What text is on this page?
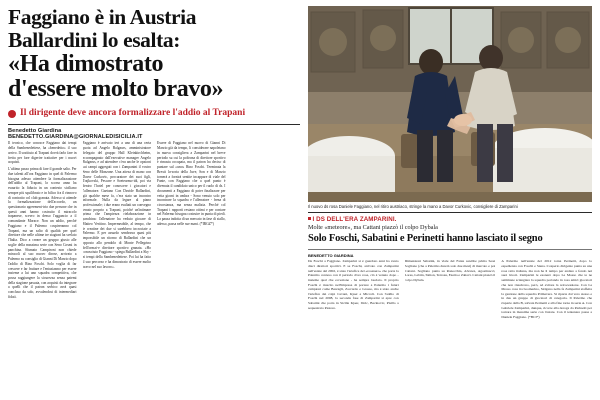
Faggiano è in Austria
Ballardini lo esalta:
«Ha dimostrato
d'essere molto bravo»
Il dirigente deve ancora formalizzare l'addio al Trapani
Benedetto Giardina
BENEDETTO.GIARDINA@GIORNALEDISICILIA.IT

Il tecnico, che conosce Faggiano dai tempi della Sambenedettese, ha «benedetto» il suo arrivo. Il sostituto al Trapani dovrà farlo fare in fretta per fare digerire trattative per i nuovi acquisti.

L'ultimo passo prima di fare il grande salto. Per due talenti all'ora Faggiano in quel di Palermo bisogna adesso attendere la formalizzazione dell'addio al Trapani, lo scorso anno ha esaurito la fiducia in un contesto siciliano sempre più squilibrato e in bilico fra il rinnovo di contratto col club granata. Adesso si attende la formalizzazione dell'accordo, un questionario agreement-trio due persone che in questi anni hanno costruito il miracolo trapanese, scevro in denso l'aggancio a il comandante Morace. Non un addio, perché Faggiano e il Palermo cospireranno col Trapani, ma un salto di qualità per quel direttore che nelle ultime tre stagioni ha svelato l'Italia. Dico a creare un gruppo giusto alle soglie della massima serie con Seno Cosmi in panchina. Sfumato Campironi non chiede miracoli al suo nuovo dirose, arrivato a Palermo su consiglio di Gianni Di Marzio dopo l'addio di Rino Foschi. Solo voglia di far crescere e far fruttare e l'entusiasmo per essere insieme a lui uno squadra competitiva, che possa raggiungere la sicurezza senza patemi della stagione passata, con acquisti da integrare a quelli che il patron serbico avrà quasi concluso da solo, avvalendosi di intermediari fidati.

Faggiano è arrivato ieri a uno di una certa quota ad Angelo Balgaurs, amministratore delegato del gruppo Hall Kleinkirchheim, accompagnato dall'executive manager Angelo Bulgarus, e ad attendere c'era anche le opzioni sui campi aggregati con i Zampanini il vostro Seno delle Monzone. Una attesa di mano con Davor Curkovic, procuratore dei suoi figli, Trajkovski, Pescare e Soetearmo-idi, poi via dentro l'hotel per conoscere i giocatori e l'allenatore. Gaetano Con Davide Ballardini, già qualche mese fa, c'era stato un incontro informale. Nulla da legare al piano professionale; i due erano esultati un convegno tenuto proprio a Trapani, poiché un'intimare prima che l'ampiezza rielaborazione in panchina: l'allenatore ha veduto giocare di Matteo Veritino. Impermeabile, al tempo, che le creatine dei due si sarebbero incrociate a Palermo. E per assurdo sembrava quasi più impossibile un ritorno di Ballardini che un opposto allo pendolo di Monte Pellegrino dell'ormai-e direttore sportivo granata. «Ho conosciuto Faggiano - spiega Ballardini a Sky - ai tempi della Sambenedettese. Poi lui ha fatto il suo percorso e ha dimostrato di essere molto bravo nel suo lavoro».

Essere di Faggiano nel nuovo di Gianni Di Marzio già da tempo, li considerare napoletano in nuova consigliera a Zamparini nel breve periodo su cui la poltrona di direttore sportivo è rimasta occupata, ma il patron ha deciso di puntare sul «uno» Rino Foschi. Terminata la Brexit la-soria della Juve, Son e di Marzio tornerà a fornirà sentite incappare di viale del Fante, con Faggiano che a quel punto è divenuta il candidato unico per il ruolo di ds. I documenti a Faggiano di poter finalizzare per vetta giorni in ombra - Sono venuto solo per incontrare la squadra e l'allenatore - frena di circostanza, ma senza malizia. Perché col Trapani i rapporti restano ottimi e per contare nel Palermo bisogna costruire in punta di piedi. La pausa indotta di un mercato in fase di stallo, adesso, passa nelle sue mani. (*IRGZ*)

Il nuovo ds rosa Daniele Faggiano, nel ritiro austriaco, stringe la mano a Davor Curkovic, consigliere di Zamparini
I DS DELL'ERA ZAMPARINI.
Molte «meteore», ma Cattani piazzò il colpo Dybala
Solo Foschi, Sabatini e Perinetti hanno lasciato il segno
BENEDETTO GIARDINA

Da Foschi a Faggiano. Zamparini si è guardato anni ha avuto dieci direttori sportivi. E se Foschi, arrivato con Zamparini nell'estate del 2002, è stato l'artefice del «rosanero» che porta la Palermo conteso con il periodo d'oro rosa, ciò è venuto dopo - insieme qual che eccezione - ha sempre lasciato. Il proprio Foschi è riuscito nell'impresa di portare a Palermo i futuri campioni come Barzagli, Zaccardo e Grosso, ma è stato anche l'artefice dei colpi Cavani, Kjaer e Miccoli. Con l'addio di Foschi nel 2008, la seconda fase di Zamparini si apre con Sabatini che porta in Sicilia Kjaer, Ilicic, Bacinovic, Pisillo a sequestrato Pastore.

Dimensioni Sabatini, in viale del Fante sarebbe prima Sean Sogliano (che a Palermo durerà solo due mesi) di mercato e poi Cattani. Sogliano punta su Ranocchia, Alvarez, Agostinacci, Lores, Labrin, Simon, Terrosu, Ezetia e Zahavi. Cattani piazzò il colpo Dybala.

A Palermo nell'estate del 2012 torna Perinetti, dopo lo espedienza con Foschi e Siena. L'esperto dirigente punta su una rosa ratta italiana, ma non ha il tempo per andare a fondo nei suoi lavori. Zamparini le esonerò dopo Le Mosso che te ne settimane sciangiare la squadra portando in rosa amici giocatori che non riuscirono, però, ad evitare la retrocessione. Con La Mosso cosa tra boomerino, Sirigano nella fa Zamparini staffetta la gestione della squadra Primavera. Si riparte dal vero stesso e in dus un gruppo di giocatori di categoria. Il Palermo che risparte dalla B, salvata Perinetti e alla fine torna in serie A. Con Gabriele Zamparini, dunque, ricorre alla deroga da Perinetti per tornare in massima serie con l'estate. Con il tentenare passa a Daniele Faggiano. (*BCI*)
